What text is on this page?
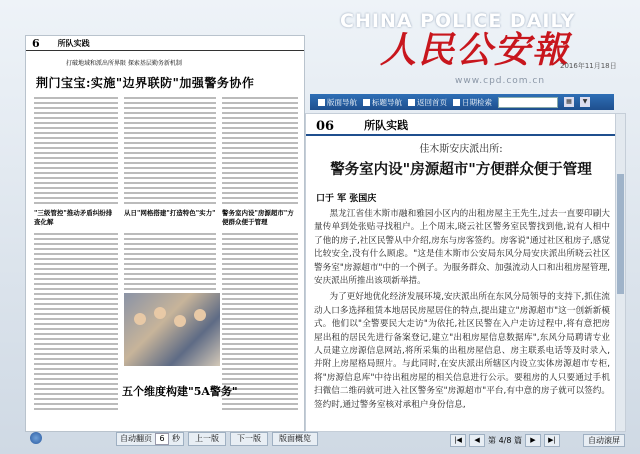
6 所队实践
打破地域和派出所界限 探索基层勤务新机制
荆门宝宝:实施"边界联防"加强警务协作
"三级管控"推动矛盾纠纷排查化解
从日"网格搭建"打造特色"实力" 警务室内设"房源超市"方便群众便于管理
五个维度构建"5A警务"
自动翻页 6 秒	上一版	下一版	版面概览
CHINA POLICE DAILY
人民公安報
2016年11月18日
www.cpd.com.cn
版面导航 标题导航 返回首页 日期检索	▦	▼
06	所队实践
佳木斯安庆派出所:
警务室内设"房源超市"方便群众便于管理
口于 军 张国庆

黑龙江省佳木斯市融和雅园小区内的出租房屋主王先生,过去一直要印刷大量传单到处张贴寻找租户。上个周末,晓云社区警务室民警找到他,说有人相中了他的房子,社区民警从中介绍,房东与房客签约。房客说"通过社区租房子,感觉比较安全,没有什么顾虑。"这是佳木斯市公安局东风分局安庆派出所晓云社区警务室"房源超市"中的一个例子。为服务群众、加强流动人口和出租房屋管理,安庆派出所推出该项新举措。

为了更好地优化经济发展环境,安庆派出所在东风分局领导的支持下,抓住流动人口多选择租赁本地居民房屋居住的特点,提出建立"房源超市"这一创新新模式。他们以"全警要民大走访"为依托,社区民警在入户走访过程中,将有意把房屋出租的居民先进行备案登记,建立"出租房屋信息数据库",东风分局聘请专业人员建立房源信息网站,将所采集的出租房屋信息、房主联系电话等及时录入,并附上房屋格局照片。与此同时,在安庆派出所辖区内设立实体房源超市专柜,将"房源信息库"中待出租房屋的相关信息进行公示。要租房的人只要通过手机扫微信二维码就可进入社区警务室"房源超市"平台,有中意的房子就可以签约。签约时,通过警务室核对承租户身份信息,

|◀	◀	第 4/8 篇	▶	▶|	自动滚屏
